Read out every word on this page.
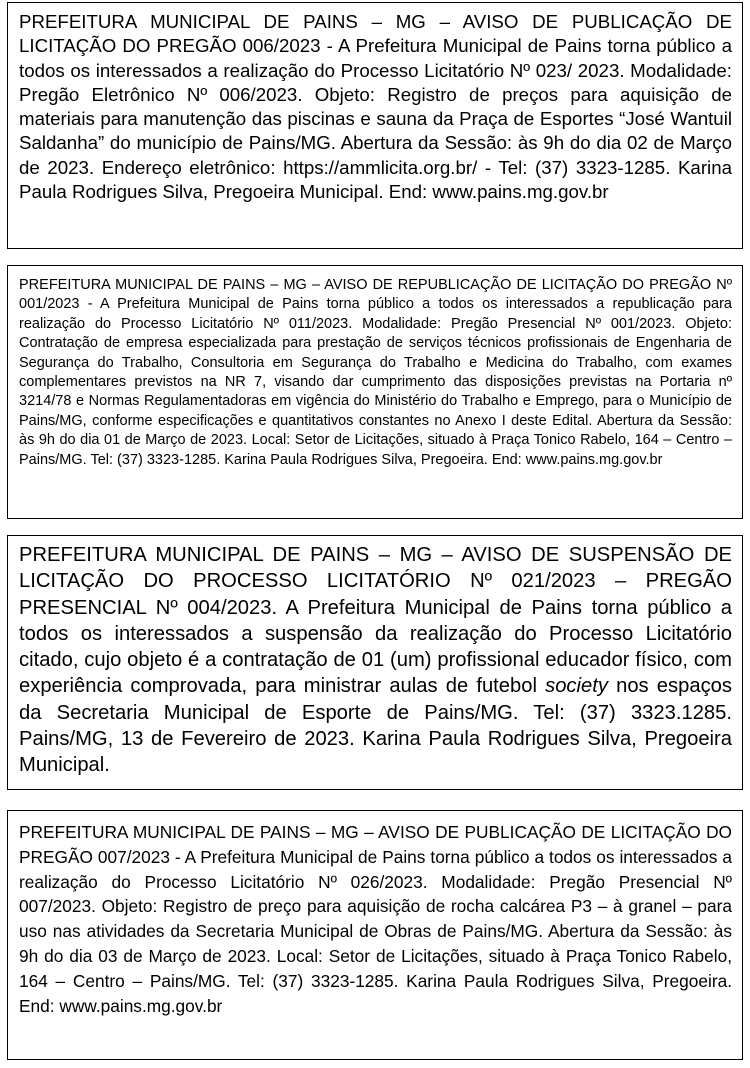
PREFEITURA MUNICIPAL DE PAINS – MG – AVISO DE PUBLICAÇÃO DE LICITAÇÃO DO PREGÃO 006/2023 - A Prefeitura Municipal de Pains torna público a todos os interessados a realização do Processo Licitatório Nº 023/ 2023. Modalidade: Pregão Eletrônico Nº 006/2023. Objeto: Registro de preços para aquisição de materiais para manutenção das piscinas e sauna da Praça de Esportes “José Wantuil Saldanha” do município de Pains/MG. Abertura da Sessão: às 9h do dia 02 de Março de 2023. Endereço eletrônico: https://ammlicita.org.br/ - Tel: (37) 3323-1285. Karina Paula Rodrigues Silva, Pregoeira Municipal. End: www.pains.mg.gov.br

PREFEITURA MUNICIPAL DE PAINS – MG – AVISO DE REPUBLICAÇÃO DE LICITAÇÃO DO PREGÃO Nº 001/2023 - A Prefeitura Municipal de Pains torna público a todos os interessados a republicação para realização do Processo Licitatório Nº 011/2023. Modalidade: Pregão Presencial Nº 001/2023. Objeto: Contratação de empresa especializada para prestação de serviços técnicos profissionais de Engenharia de Segurança do Trabalho, Consultoria em Segurança do Trabalho e Medicina do Trabalho, com exames complementares previstos na NR 7, visando dar cumprimento das disposições previstas na Portaria nº 3214/78 e Normas Regulamentadoras em vigência do Ministério do Trabalho e Emprego, para o Município de Pains/MG, conforme especificações e quantitativos constantes no Anexo I deste Edital. Abertura da Sessão: às 9h do dia 01 de Março de 2023. Local: Setor de Licitações, situado à Praça Tonico Rabelo, 164 – Centro – Pains/MG. Tel: (37) 3323-1285. Karina Paula Rodrigues Silva, Pregoeira. End: www.pains.mg.gov.br

PREFEITURA MUNICIPAL DE PAINS – MG – AVISO DE SUSPENSÃO DE LICITAÇÃO DO PROCESSO LICITATÓRIO Nº 021/2023 – PREGÃO PRESENCIAL Nº 004/2023. A Prefeitura Municipal de Pains torna público a todos os interessados a suspensão da realização do Processo Licitatório citado, cujo objeto é a contratação de 01 (um) profissional educador físico, com experiência comprovada, para ministrar aulas de futebol society nos espaços da Secretaria Municipal de Esporte de Pains/MG. Tel: (37) 3323.1285. Pains/MG, 13 de Fevereiro de 2023. Karina Paula Rodrigues Silva, Pregoeira Municipal.

PREFEITURA MUNICIPAL DE PAINS – MG – AVISO DE PUBLICAÇÃO DE LICITAÇÃO DO PREGÃO 007/2023 - A Prefeitura Municipal de Pains torna público a todos os interessados a realização do Processo Licitatório Nº 026/2023. Modalidade: Pregão Presencial Nº 007/2023. Objeto: Registro de preço para aquisição de rocha calcárea P3 – à granel – para uso nas atividades da Secretaria Municipal de Obras de Pains/MG. Abertura da Sessão: às 9h do dia 03 de Março de 2023. Local: Setor de Licitações, situado à Praça Tonico Rabelo, 164 – Centro – Pains/MG. Tel: (37) 3323-1285. Karina Paula Rodrigues Silva, Pregoeira. End: www.pains.mg.gov.br
